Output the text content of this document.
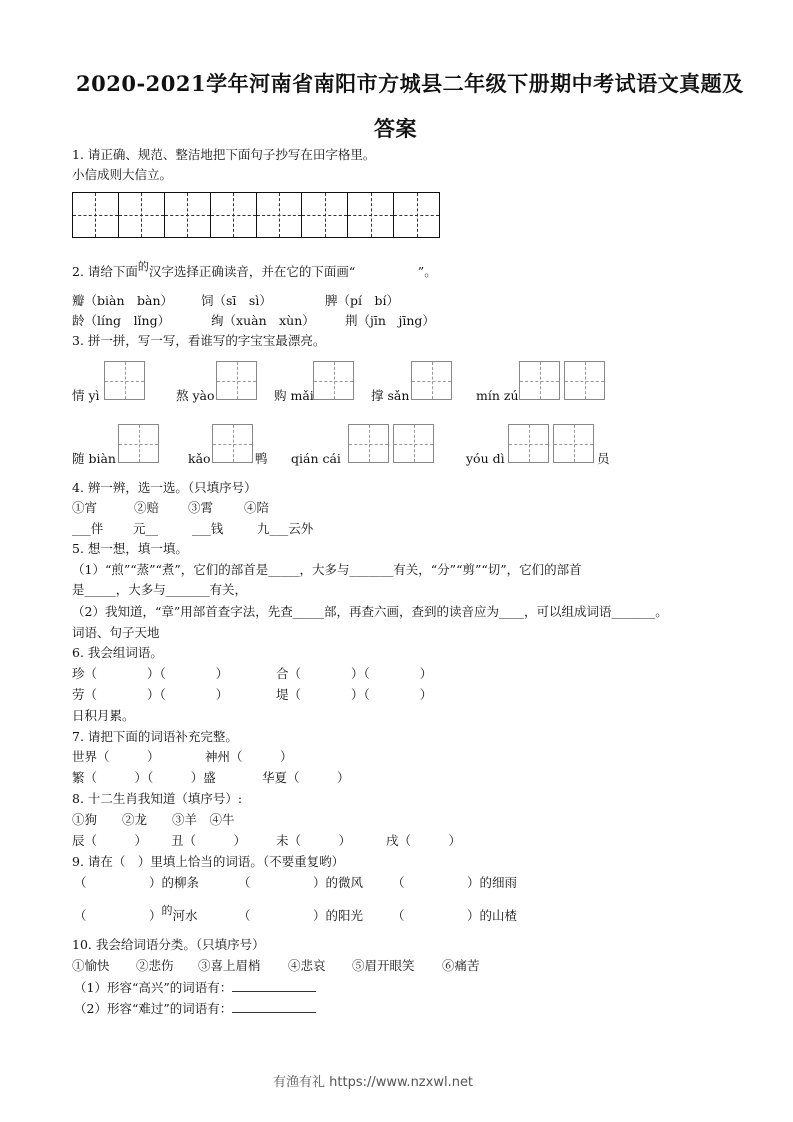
2020-2021学年河南省南阳市方城县二年级下册期中考试语文真题及
答案
1. 请正确、规范、整洁地把下面句子抄写在田字格里。
小信成则大信立。
2. 请给下面的汉字选择正确读音，并在它的下面画“　　　　　”。
瓣（biàn　bàn） 饲（sī　sì）	脾（pí　bí）
龄（líng　lǐng）	绚（xuàn　xùn） 荆（jīn　jīng）
3. 拼一拼，写一写，看谁写的字宝宝最漂亮。
情 yì	熬 yào	购 mǎi	撑 sǎn	mín zú
随 biàn	kǎo	鸭 qián cái	yóu dì	员
4. 辨一辨，选一选。（只填序号）
①宵	②赔 ③霄 ④陪
___伴 元__	___钱	九___云外
5. 想一想，填一填。
（1）“煎”“蒸”“煮”，它们的部首是_____，大多与_______有关，“分”“剪”“切”，它们的部首
是_____，大多与_______有关，
（2）我知道，“章”用部首查字法，先查_____部，再查六画，查到的读音应为____，可以组成词语_______。
词语、句子天地
6. 我会组词语。
珍（　　　　）（　　　　）	合（　　　　）（　　　　）
劳（　　　　）（　　　　）	堤（　　　　）（　　　　）
日积月累。
7. 请把下面的词语补充完整。
世界（　　　）	神州（　　　）
繁（　　　）（　　　）盛	华夏（　　　）
8. 十二生肖我知道（填序号）:
①狗　　②龙　　③羊　④牛
辰（　　　） 丑（　　　） 未（　　　）	戌（　　　）
9. 请在（　）里填上恰当的词语。（不要重复哟）
（　　　　　）的柳条	（　　　　　）的微风 （　　　　　）的细雨
（　　　　　）的河水	（　　　　　）的阳光 （　　　　　）的山楂
10. 我会给词语分类。（只填序号）
①愉快 ②悲伤 ③喜上眉梢 ④悲哀 ⑤眉开眼笑 ⑥痛苦
（1）形容“高兴”的词语有：
（2）形容“难过”的词语有：
有渔有礼 https://www.nzxwl.net
